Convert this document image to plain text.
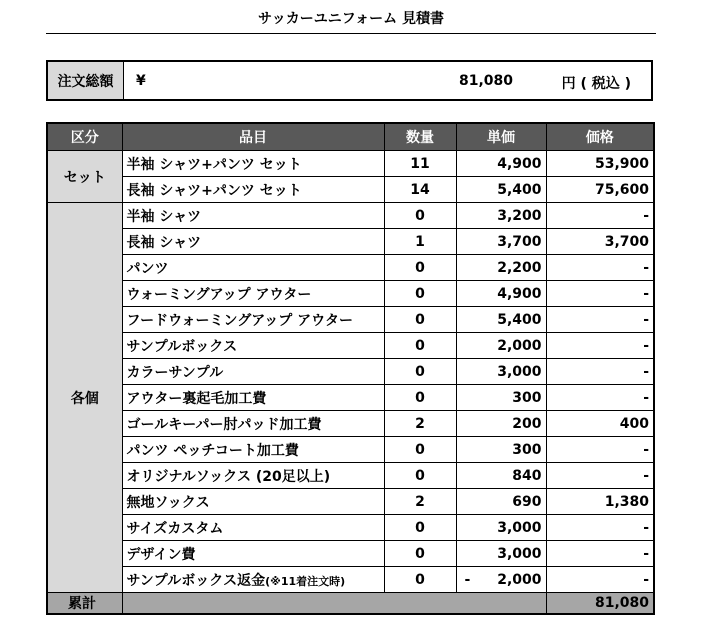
サッカーユニフォーム 見積書
注文総額	¥	81,080	円 ( 税込 )
区分	品目	数量	単価	価格
セット	半袖 シャツ+パンツ セット	11	4,900	53,900
	長袖 シャツ+パンツ セット	14	5,400	75,600
各個	半袖 シャツ	0	3,200	-
	長袖 シャツ	1	3,700	3,700
	パンツ	0	2,200	-
	ウォーミングアップ アウター	0	4,900	-
	フードウォーミングアップ アウター	0	5,400	-
	サンプルボックス	0	2,000	-
	カラーサンプル	0	3,000	-
	アウター裏起毛加工費	0	300	-
	ゴールキーパー肘パッド加工費	2	200	400
	パンツ ペッチコート加工費	0	300	-
	オリジナルソックス (20足以上)	0	840	-
	無地ソックス	2	690	1,380
	サイズカスタム	0	3,000	-
	デザイン費	0	3,000	-
	サンプルボックス返金(※11着注文時)	0	- 2,000	-
累計				81,080
